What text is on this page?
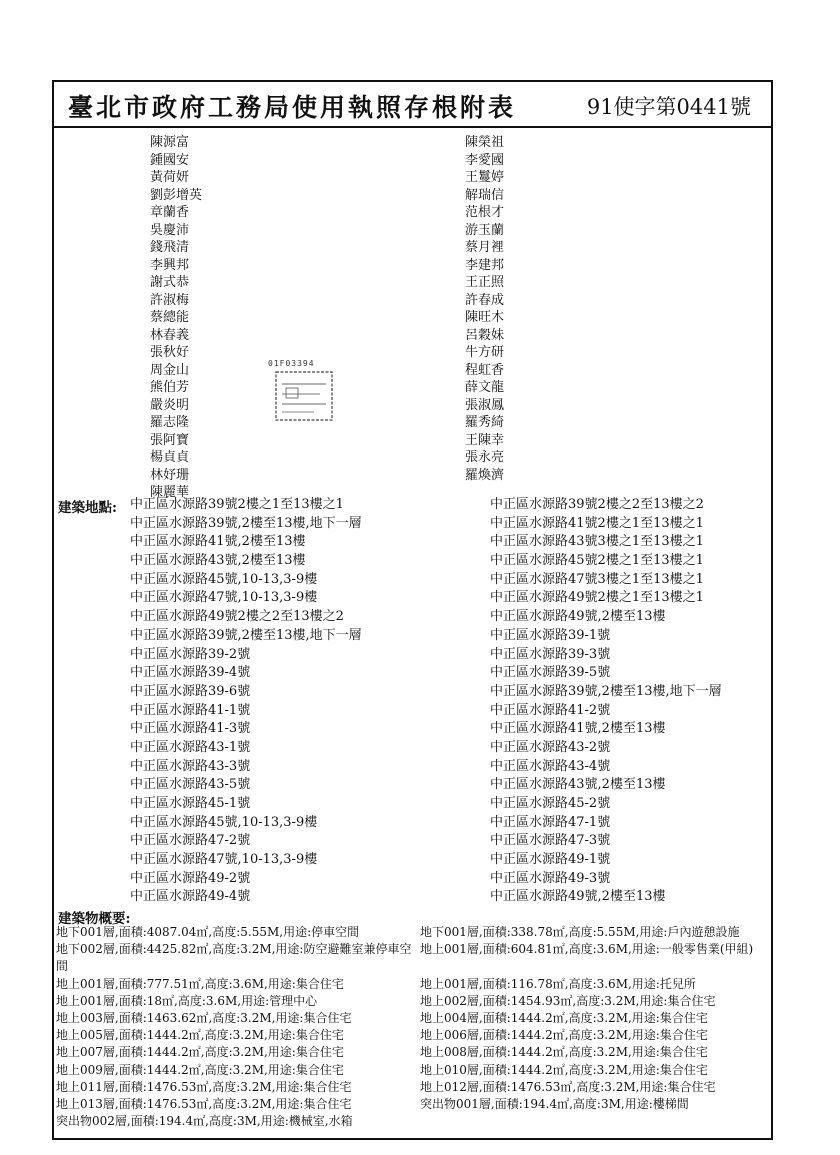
臺北市政府工務局使用執照存根附表	91使字第0441號
陳源富
鍾國安
黃荷妍
劉彭增英
章蘭香
吳慶沛
錢飛清
李興邦
謝式恭
許淑梅
蔡總能
林春義
張秋好
周金山
熊伯芳
嚴炎明
羅志隆
張阿寶
楊貞貞
林妤珊
陳麗華
陳榮祖
李愛國
王鬘婷
解瑞信
范根才
游玉蘭
蔡月裡
李建邦
王正照
許春成
陳旺木
呂穀妹
牛方研
程虹香
薛文龍
張淑鳳
羅秀綺
王陳幸
張永亮
羅煥濟
01F03394
建築地點: 中正區水源路39號2樓之1至13樓之1
中正區水源路39號,2樓至13樓,地下一層
中正區水源路41號,2樓至13樓
中正區水源路43號,2樓至13樓
中正區水源路45號,10-13,3-9樓
中正區水源路47號,10-13,3-9樓
中正區水源路49號2樓之2至13樓之2
中正區水源路39號,2樓至13樓,地下一層
中正區水源路39-2號
中正區水源路39-4號
中正區水源路39-6號
中正區水源路41-1號
中正區水源路41-3號
中正區水源路43-1號
中正區水源路43-3號
中正區水源路43-5號
中正區水源路45-1號
中正區水源路45號,10-13,3-9樓
中正區水源路47-2號
中正區水源路47號,10-13,3-9樓
中正區水源路49-2號
中正區水源路49-4號
中正區水源路39號2樓之2至13樓之2
中正區水源路41號2樓之1至13樓之1
中正區水源路43號3樓之1至13樓之1
中正區水源路45號2樓之1至13樓之1
中正區水源路47號3樓之1至13樓之1
中正區水源路49號2樓之1至13樓之1
中正區水源路49號,2樓至13樓
中正區水源路39-1號
中正區水源路39-3號
中正區水源路39-5號
中正區水源路39號,2樓至13樓,地下一層
中正區水源路41-2號
中正區水源路41號,2樓至13樓
中正區水源路43-2號
中正區水源路43-4號
中正區水源路43號,2樓至13樓
中正區水源路45-2號
中正區水源路47-1號
中正區水源路47-3號
中正區水源路49-1號
中正區水源路49-3號
中正區水源路49號,2樓至13樓
建築物概要:
地下001層,面積:4087.04㎡,高度:5.55M,用途:停車空間
地下002層,面積:4425.82㎡,高度:3.2M,用途:防空避難室兼停車空間
地上001層,面積:777.51㎡,高度:3.6M,用途:集合住宅
地上001層,面積:18㎡,高度:3.6M,用途:管理中心
地上003層,面積:1463.62㎡,高度:3.2M,用途:集合住宅
地上005層,面積:1444.2㎡,高度:3.2M,用途:集合住宅
地上007層,面積:1444.2㎡,高度:3.2M,用途:集合住宅
地上009層,面積:1444.2㎡,高度:3.2M,用途:集合住宅
地上011層,面積:1476.53㎡,高度:3.2M,用途:集合住宅
地上013層,面積:1476.53㎡,高度:3.2M,用途:集合住宅
突出物002層,面積:194.4㎡,高度:3M,用途:機械室,水箱
地下001層,面積:338.78㎡,高度:5.55M,用途:戶內遊憩設施
地上001層,面積:604.81㎡,高度:3.6M,用途:一般零售業(甲組)
地上001層,面積:116.78㎡,高度:3.6M,用途:托兒所
地上002層,面積:1454.93㎡,高度:3.2M,用途:集合住宅
地上004層,面積:1444.2㎡,高度:3.2M,用途:集合住宅
地上006層,面積:1444.2㎡,高度:3.2M,用途:集合住宅
地上008層,面積:1444.2㎡,高度:3.2M,用途:集合住宅
地上010層,面積:1444.2㎡,高度:3.2M,用途:集合住宅
地上012層,面積:1476.53㎡,高度:3.2M,用途:集合住宅
突出物001層,面積:194.4㎡,高度:3M,用途:樓梯間
